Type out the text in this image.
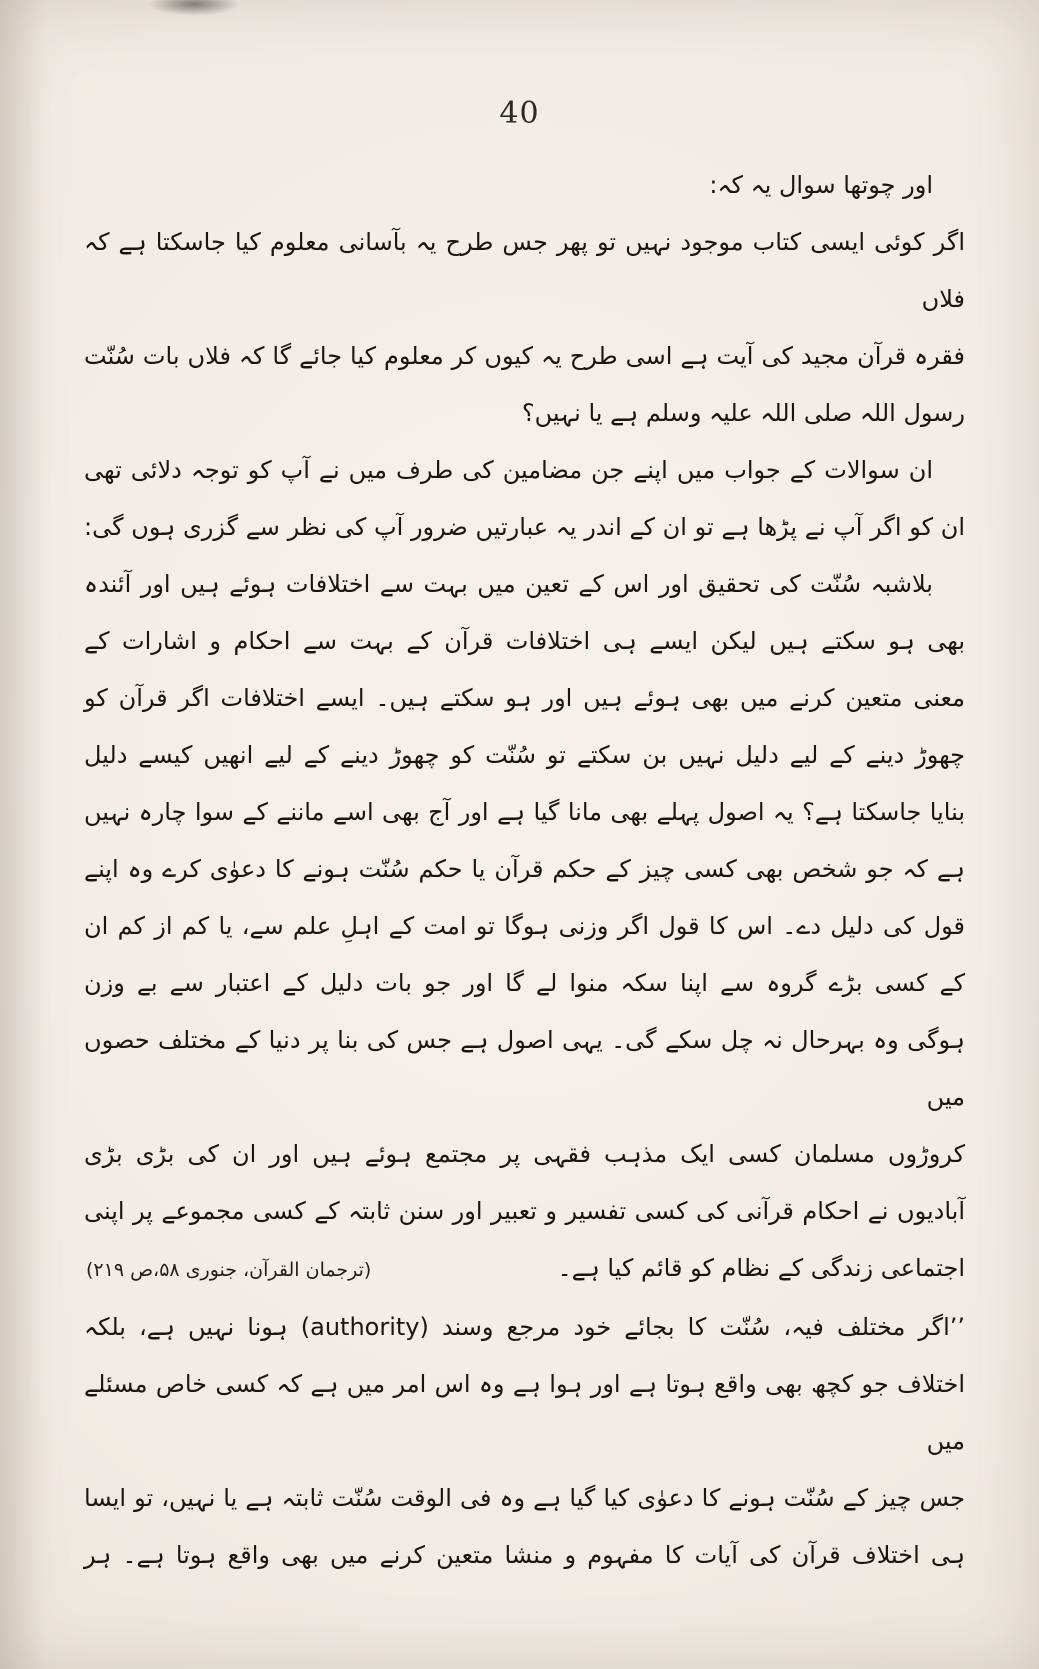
40
اور چوتھا سوال یہ کہ:
اگر کوئی ایسی کتاب موجود نہیں تو پھر جس طرح یہ بآسانی معلوم کیا جاسکتا ہے کہ فلاں
فقرہ قرآن مجید کی آیت ہے اسی طرح یہ کیوں کر معلوم کیا جائے گا کہ فلاں بات سُنّت
رسول اللہ صلی اللہ علیہ وسلم ہے یا نہیں؟
ان سوالات کے جواب میں اپنے جن مضامین کی طرف میں نے آپ کو توجہ دلائی تھی
ان کو اگر آپ نے پڑھا ہے تو ان کے اندر یہ عبارتیں ضرور آپ کی نظر سے گزری ہوں گی:
بلاشبہ سُنّت کی تحقیق اور اس کے تعین میں بہت سے اختلافات ہوئے ہیں اور آئندہ
بھی ہو سکتے ہیں لیکن ایسے ہی اختلافات قرآن کے بہت سے احکام و اشارات کے
معنی متعین کرنے میں بھی ہوئے ہیں اور ہو سکتے ہیں۔ ایسے اختلافات اگر قرآن کو
چھوڑ دینے کے لیے دلیل نہیں بن سکتے تو سُنّت کو چھوڑ دینے کے لیے انھیں کیسے دلیل
بنایا جاسکتا ہے؟ یہ اصول پہلے بھی مانا گیا ہے اور آج بھی اسے ماننے کے سوا چارہ نہیں
ہے کہ جو شخص بھی کسی چیز کے حکم قرآن یا حکم سُنّت ہونے کا دعوٰی کرے وہ اپنے
قول کی دلیل دے۔ اس کا قول اگر وزنی ہوگا تو امت کے اہلِ علم سے، یا کم از کم ان
کے کسی بڑے گروہ سے اپنا سکہ منوا لے گا اور جو بات دلیل کے اعتبار سے بے وزن
ہوگی وہ بہرحال نہ چل سکے گی۔ یہی اصول ہے جس کی بنا پر دنیا کے مختلف حصوں میں
کروڑوں مسلمان کسی ایک مذہب فقہی پر مجتمع ہوئے ہیں اور ان کی بڑی بڑی
آبادیوں نے احکام قرآنی کی کسی تفسیر و تعبیر اور سنن ثابتہ کے کسی مجموعے پر اپنی
اجتماعی زندگی کے نظام کو قائم کیا ہے۔
(ترجمان القرآن، جنوری ۵۸،ص ۲۱۹)
’’اگر مختلف فیہ، سُنّت کا بجائے خود مرجع وسند (authority) ہونا نہیں ہے، بلکہ
اختلاف جو کچھ بھی واقع ہوتا ہے اور ہوا ہے وہ اس امر میں ہے کہ کسی خاص مسئلے میں
جس چیز کے سُنّت ہونے کا دعوٰی کیا گیا ہے وہ فی الوقت سُنّت ثابتہ ہے یا نہیں، تو ایسا
ہی اختلاف قرآن کی آیات کا مفہوم و منشا متعین کرنے میں بھی واقع ہوتا ہے۔ ہر
